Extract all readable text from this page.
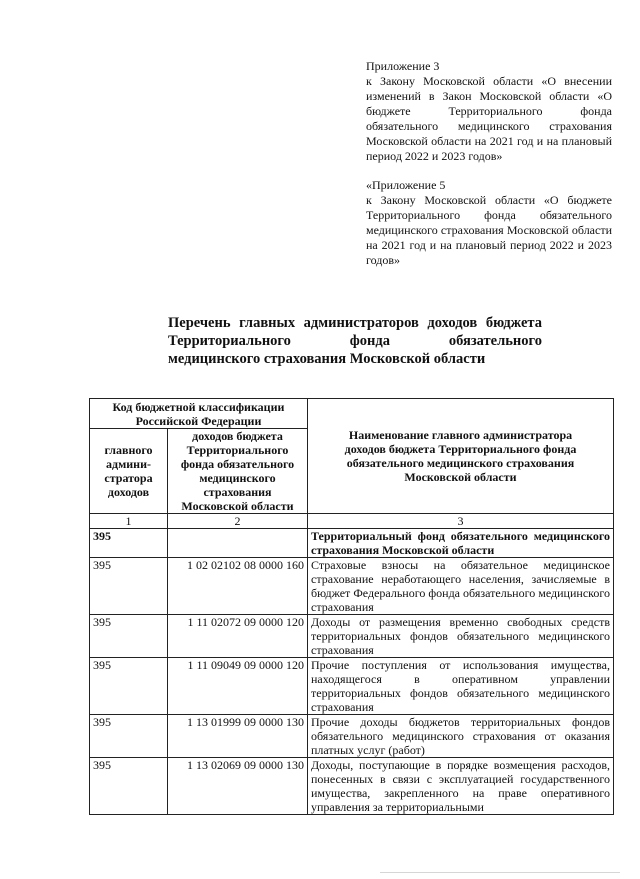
Приложение 3

к Закону Московской области «О внесении изменений в Закон Московской области «О бюджете Территориального фонда обязательного медицинского страхования Московской области на 2021 год и на плановый период 2022 и 2023 годов»

«Приложение 5

к Закону Московской области «О бюджете Территориального фонда обязательного медицинского страхования Московской области на 2021 год и на плановый период 2022 и 2023 годов»

Перечень главных администраторов доходов бюджета Территориального фонда обязательного
медицинского страхования Московской области
Код бюджетной классификации Российской Федерации		Наименование главного администратора доходов бюджета Территориального фонда обязательного медицинского страхования Московской области
главного админи-стратора доходов	доходов бюджета Территориального фонда обязательного медицинского страхования Московской области	
1	2	3
395		Территориальный фонд обязательного медицинского страхования Московской области
395	1 02 02102 08 0000 160	Страховые взносы на обязательное медицинское страхование неработающего населения, зачисляемые в бюджет Федерального фонда обязательного медицинского страхования
395	1 11 02072 09 0000 120	Доходы от размещения временно свободных средств территориальных фондов обязательного медицинского страхования
395	1 11 09049 09 0000 120	Прочие поступления от использования имущества, находящегося в оперативном управлении территориальных фондов обязательного медицинского страхования
395	1 13 01999 09 0000 130	Прочие доходы бюджетов территориальных фондов обязательного медицинского страхования от оказания платных услуг (работ)
395	1 13 02069 09 0000 130	Доходы, поступающие в порядке возмещения расходов, понесенных в связи с эксплуатацией государственного имущества, закрепленного на праве оперативного управления за территориальными
